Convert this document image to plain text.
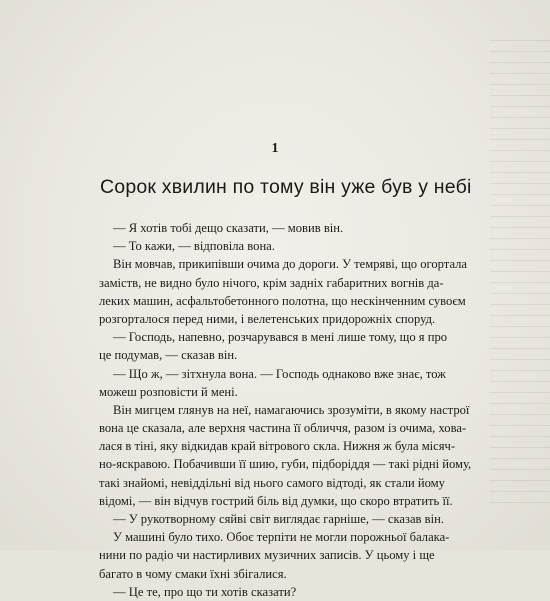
1
Сорок хвилин по тому він уже був у небі
— Я хотів тобі дещо сказати, — мовив він.
— То кажи, — відповіла вона.
Він мовчав, прикипівши очима до дороги. У темряві, що огортала
заміств, не видно було нічого, крім задніх габаритних вогнів да-
леких машин, асфальтобетонного полотна, що нескінченним сувоєм
розгорталося перед ними, і велетенських придорожніх споруд.
— Господь, напевно, розчарувався в мені лише тому, що я про
це подумав, — сказав він.
— Що ж, — зітхнула вона. — Господь однаково вже знає, тож
можеш розповісти й мені.
Він мигцем глянув на неї, намагаючись зрозуміти, в якому настрої
вона це сказала, але верхня частина її обличчя, разом із очима, хова-
лася в тіні, яку відкидав край вітрового скла. Нижня ж була місяч-
но-яскравою. Побачивши її шию, губи, підборіддя — такі рідні йому,
такі знайомі, невіддільні від нього самого відтоді, як стали йому
відомі, — він відчув гострий біль від думки, що скоро втратить її.
— У рукотворному сяйві світ виглядає гарніше, — сказав він.
У машині було тихо. Обоє терпіти не могли порожньої балака-
нини по радіо чи настирливих музичних записів. У цьому і ще
багато в чому смаки їхні збігалися.
— Це те, про що ти хотів сказати?
